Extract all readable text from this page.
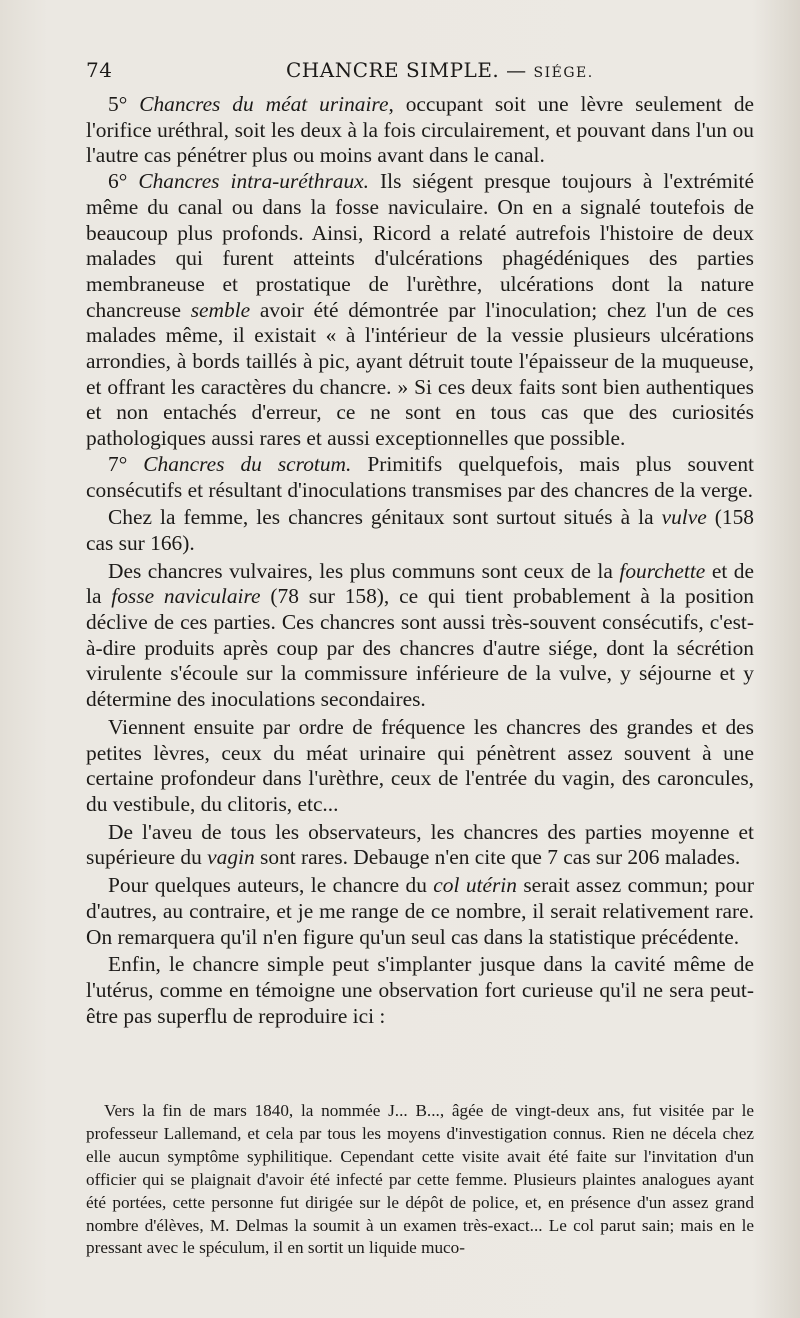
74	CHANCRE SIMPLE. — SIÉGE.

5° Chancres du méat urinaire, occupant soit une lèvre seulement de l'orifice uréthral, soit les deux à la fois circulairement, et pouvant dans l'un ou l'autre cas pénétrer plus ou moins avant dans le canal.

6° Chancres intra-uréthraux. Ils siégent presque toujours à l'extrémité même du canal ou dans la fosse naviculaire. On en a signalé toutefois de beaucoup plus profonds. Ainsi, Ricord a relaté autrefois l'histoire de deux malades qui furent atteints d'ulcérations phagédéniques des parties membraneuse et prostatique de l'urèthre, ulcérations dont la nature chancreuse semble avoir été démontrée par l'inoculation; chez l'un de ces malades même, il existait « à l'intérieur de la vessie plusieurs ulcérations arrondies, à bords taillés à pic, ayant détruit toute l'épaisseur de la muqueuse, et offrant les caractères du chancre. » Si ces deux faits sont bien authentiques et non entachés d'erreur, ce ne sont en tous cas que des curiosités pathologiques aussi rares et aussi exceptionnelles que possible.

7° Chancres du scrotum. Primitifs quelquefois, mais plus souvent consécutifs et résultant d'inoculations transmises par des chancres de la verge.

Chez la femme, les chancres génitaux sont surtout situés à la vulve (158 cas sur 166).

Des chancres vulvaires, les plus communs sont ceux de la fourchette et de la fosse naviculaire (78 sur 158), ce qui tient probablement à la position déclive de ces parties. Ces chancres sont aussi très-souvent consécutifs, c'est-à-dire produits après coup par des chancres d'autre siége, dont la sécrétion virulente s'écoule sur la commissure inférieure de la vulve, y séjourne et y détermine des inoculations secondaires.

Viennent ensuite par ordre de fréquence les chancres des grandes et des petites lèvres, ceux du méat urinaire qui pénètrent assez souvent à une certaine profondeur dans l'urèthre, ceux de l'entrée du vagin, des caroncules, du vestibule, du clitoris, etc...

De l'aveu de tous les observateurs, les chancres des parties moyenne et supérieure du vagin sont rares. Debauge n'en cite que 7 cas sur 206 malades.

Pour quelques auteurs, le chancre du col utérin serait assez commun; pour d'autres, au contraire, et je me range de ce nombre, il serait relativement rare. On remarquera qu'il n'en figure qu'un seul cas dans la statistique précédente.

Enfin, le chancre simple peut s'implanter jusque dans la cavité même de l'utérus, comme en témoigne une observation fort curieuse qu'il ne sera peut-être pas superflu de reproduire ici :

Vers la fin de mars 1840, la nommée J... B..., âgée de vingt-deux ans, fut visitée par le professeur Lallemand, et cela par tous les moyens d'investigation connus. Rien ne décela chez elle aucun symptôme syphilitique. Cependant cette visite avait été faite sur l'invitation d'un officier qui se plaignait d'avoir été infecté par cette femme. Plusieurs plaintes analogues ayant été portées, cette personne fut dirigée sur le dépôt de police, et, en présence d'un assez grand nombre d'élèves, M. Delmas la soumit à un examen très-exact... Le col parut sain; mais en le pressant avec le spéculum, il en sortit un liquide muco-
